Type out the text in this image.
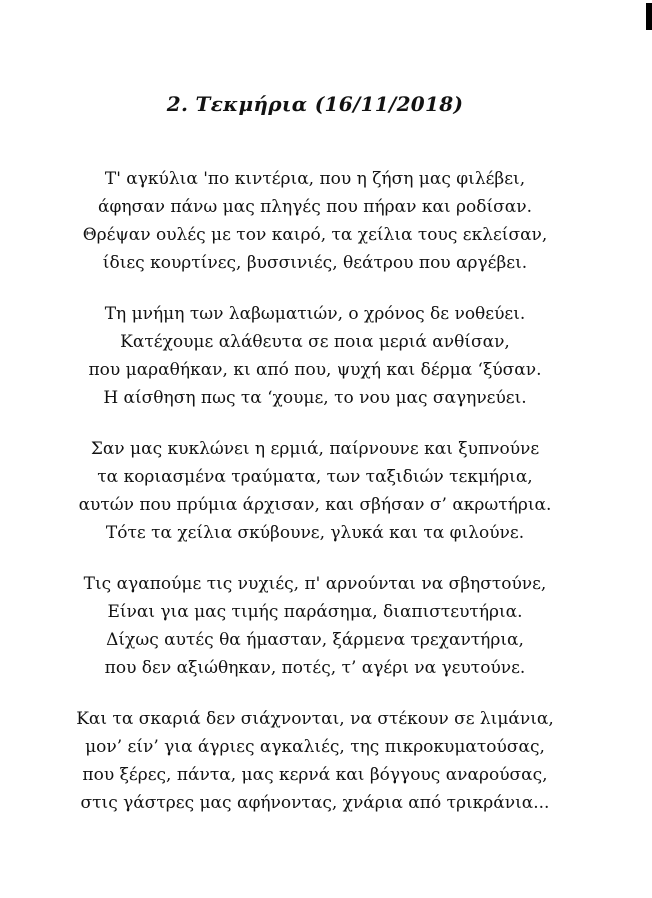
2. Τεκμήρια (16/11/2018)

Τ' αγκύλια 'πο κιντέρια, που η ζήση μας φιλέβει,

άφησαν πάνω μας πληγές που πήραν και ροδίσαν.

Θρέψαν ουλές με τον καιρό, τα χείλια τους εκλείσαν,

ίδιες κουρτίνες, βυσσινιές, θεάτρου που αργέβει.

Τη μνήμη των λαβωματιών, ο χρόνος δε νοθεύει.

Κατέχουμε αλάθευτα σε ποια μεριά ανθίσαν,

που μαραθήκαν, κι από που, ψυχή και δέρμα ‘ξύσαν.

Η αίσθηση πως τα ‘χουμε, το νου μας σαγηνεύει.

Σαν μας κυκλώνει η ερμιά, παίρνουνε και ξυπνούνε

τα κοριασμένα τραύματα, των ταξιδιών τεκμήρια,

αυτών που πρύμια άρχισαν, και σβήσαν σ’ ακρωτήρια.

Τότε τα χείλια σκύβουνε, γλυκά και τα φιλούνε.

Τις αγαπούμε τις νυχιές, π' αρνούνται να σβηστούνε,

Είναι για μας τιμής παράσημα, διαπιστευτήρια.

Δίχως αυτές θα ήμασταν, ξάρμενα τρεχαντήρια,

που δεν αξιώθηκαν, ποτές, τ’ αγέρι να γευτούνε.

Και τα σκαριά δεν σιάχνονται, να στέκουν σε λιμάνια,

μον’ είν’ για άγριες αγκαλιές, της πικροκυματούσας,

που ξέρες, πάντα, μας κερνά και βόγγους αναρούσας,

στις γάστρες μας αφήνοντας, χνάρια από τρικράνια...
